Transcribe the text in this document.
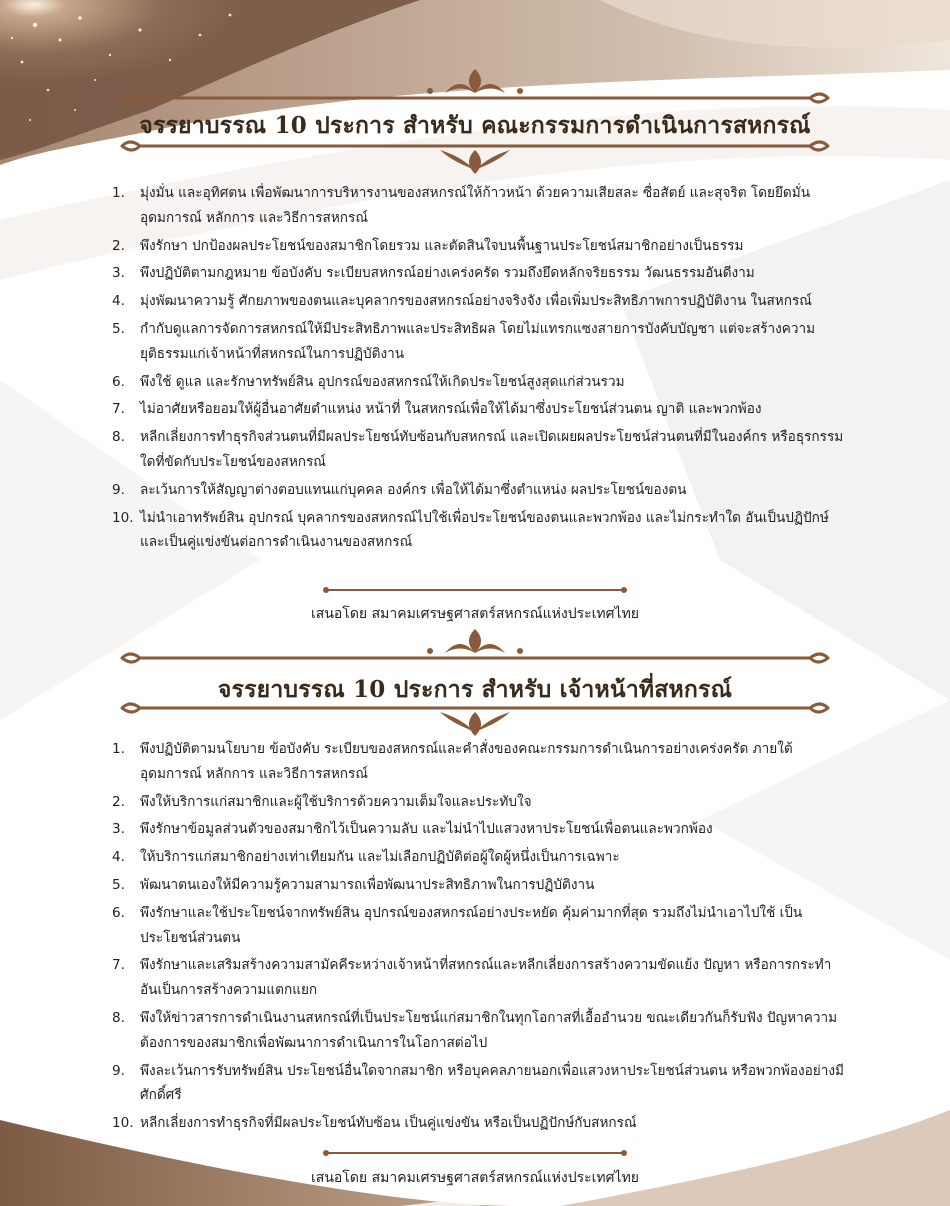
จรรยาบรรณ 10 ประการ สำหรับ คณะกรรมการดำเนินการสหกรณ์
1. มุ่งมั่น และอุทิศตน เพื่อพัฒนาการบริหารงานของสหกรณ์ให้ก้าวหน้า ด้วยความเสียสละ ซื่อสัตย์ และสุจริต โดยยึดมั่น อุดมการณ์ หลักการ และวิธีการสหกรณ์
2. พึงรักษา ปกป้องผลประโยชน์ของสมาชิกโดยรวม และตัดสินใจบนพื้นฐานประโยชน์สมาชิกอย่างเป็นธรรม
3. พึงปฏิบัติตามกฎหมาย ข้อบังคับ ระเบียบสหกรณ์อย่างเคร่งครัด รวมถึงยึดหลักจริยธรรม วัฒนธรรมอันดีงาม
4. มุ่งพัฒนาความรู้ ศักยภาพของตนและบุคลากรของสหกรณ์อย่างจริงจัง เพื่อเพิ่มประสิทธิภาพการปฏิบัติงาน ในสหกรณ์
5. กำกับดูแลการจัดการสหกรณ์ให้มีประสิทธิภาพและประสิทธิผล โดยไม่แทรกแซงสายการบังคับบัญชา แต่จะสร้างความยุติธรรมแก่เจ้าหน้าที่สหกรณ์ในการปฏิบัติงาน
6. พึงใช้ ดูแล และรักษาทรัพย์สิน อุปกรณ์ของสหกรณ์ให้เกิดประโยชน์สูงสุดแก่ส่วนรวม
7. ไม่อาศัยหรือยอมให้ผู้อื่นอาศัยตำแหน่ง หน้าที่ ในสหกรณ์เพื่อให้ได้มาซึ่งประโยชน์ส่วนตน ญาติ และพวกพ้อง
8. หลีกเลี่ยงการทำธุรกิจส่วนตนที่มีผลประโยชน์ทับซ้อนกับสหกรณ์ และเปิดเผยผลประโยชน์ส่วนตนที่มีในองค์กร หรือธุรกรรมใดที่ขัดกับประโยชน์ของสหกรณ์
9. ละเว้นการให้สัญญาต่างตอบแทนแก่บุคคล องค์กร เพื่อให้ได้มาซึ่งตำแหน่ง ผลประโยชน์ของตน
10. ไม่นำเอาทรัพย์สิน อุปกรณ์ บุคลากรของสหกรณ์ไปใช้เพื่อประโยชน์ของตนและพวกพ้อง และไม่กระทำใด อันเป็นปฏิปักษ์ และเป็นคู่แข่งขันต่อการดำเนินงานของสหกรณ์
เสนอโดย สมาคมเศรษฐศาสตร์สหกรณ์แห่งประเทศไทย
จรรยาบรรณ 10 ประการ สำหรับ เจ้าหน้าที่สหกรณ์
1. พึงปฏิบัติตามนโยบาย ข้อบังคับ ระเบียบของสหกรณ์และคำสั่งของคณะกรรมการดำเนินการอย่างเคร่งครัด ภายใต้อุดมการณ์ หลักการ และวิธีการสหกรณ์
2. พึงให้บริการแก่สมาชิกและผู้ใช้บริการด้วยความเต็มใจและประทับใจ
3. พึงรักษาข้อมูลส่วนตัวของสมาชิกไว้เป็นความลับ และไม่นำไปแสวงหาประโยชน์เพื่อตนและพวกพ้อง
4. ให้บริการแก่สมาชิกอย่างเท่าเทียมกัน และไม่เลือกปฏิบัติต่อผู้ใดผู้หนึ่งเป็นการเฉพาะ
5. พัฒนาตนเองให้มีความรู้ความสามารถเพื่อพัฒนาประสิทธิภาพในการปฏิบัติงาน
6. พึงรักษาและใช้ประโยชน์จากทรัพย์สิน อุปกรณ์ของสหกรณ์อย่างประหยัด คุ้มค่ามากที่สุด รวมถึงไม่นำเอาไปใช้ เป็นประโยชน์ส่วนตน
7. พึงรักษาและเสริมสร้างความสามัคคีระหว่างเจ้าหน้าที่สหกรณ์และหลีกเลี่ยงการสร้างความขัดแย้ง ปัญหา หรือการกระทำ อันเป็นการสร้างความแตกแยก
8. พึงให้ข่าวสารการดำเนินงานสหกรณ์ที่เป็นประโยชน์แก่สมาชิกในทุกโอกาสที่เอื้ออำนวย ขณะเดียวกันก็รับฟัง ปัญหาความต้องการของสมาชิกเพื่อพัฒนาการดำเนินการในโอกาสต่อไป
9. พึงละเว้นการรับทรัพย์สิน ประโยชน์อื่นใดจากสมาชิก หรือบุคคลภายนอกเพื่อแสวงหาประโยชน์ส่วนตน หรือพวกพ้องอย่างมีศักดิ์ศรี
10. หลีกเลี่ยงการทำธุรกิจที่มีผลประโยชน์ทับซ้อน เป็นคู่แข่งขัน หรือเป็นปฏิปักษ์กับสหกรณ์
เสนอโดย สมาคมเศรษฐศาสตร์สหกรณ์แห่งประเทศไทย
